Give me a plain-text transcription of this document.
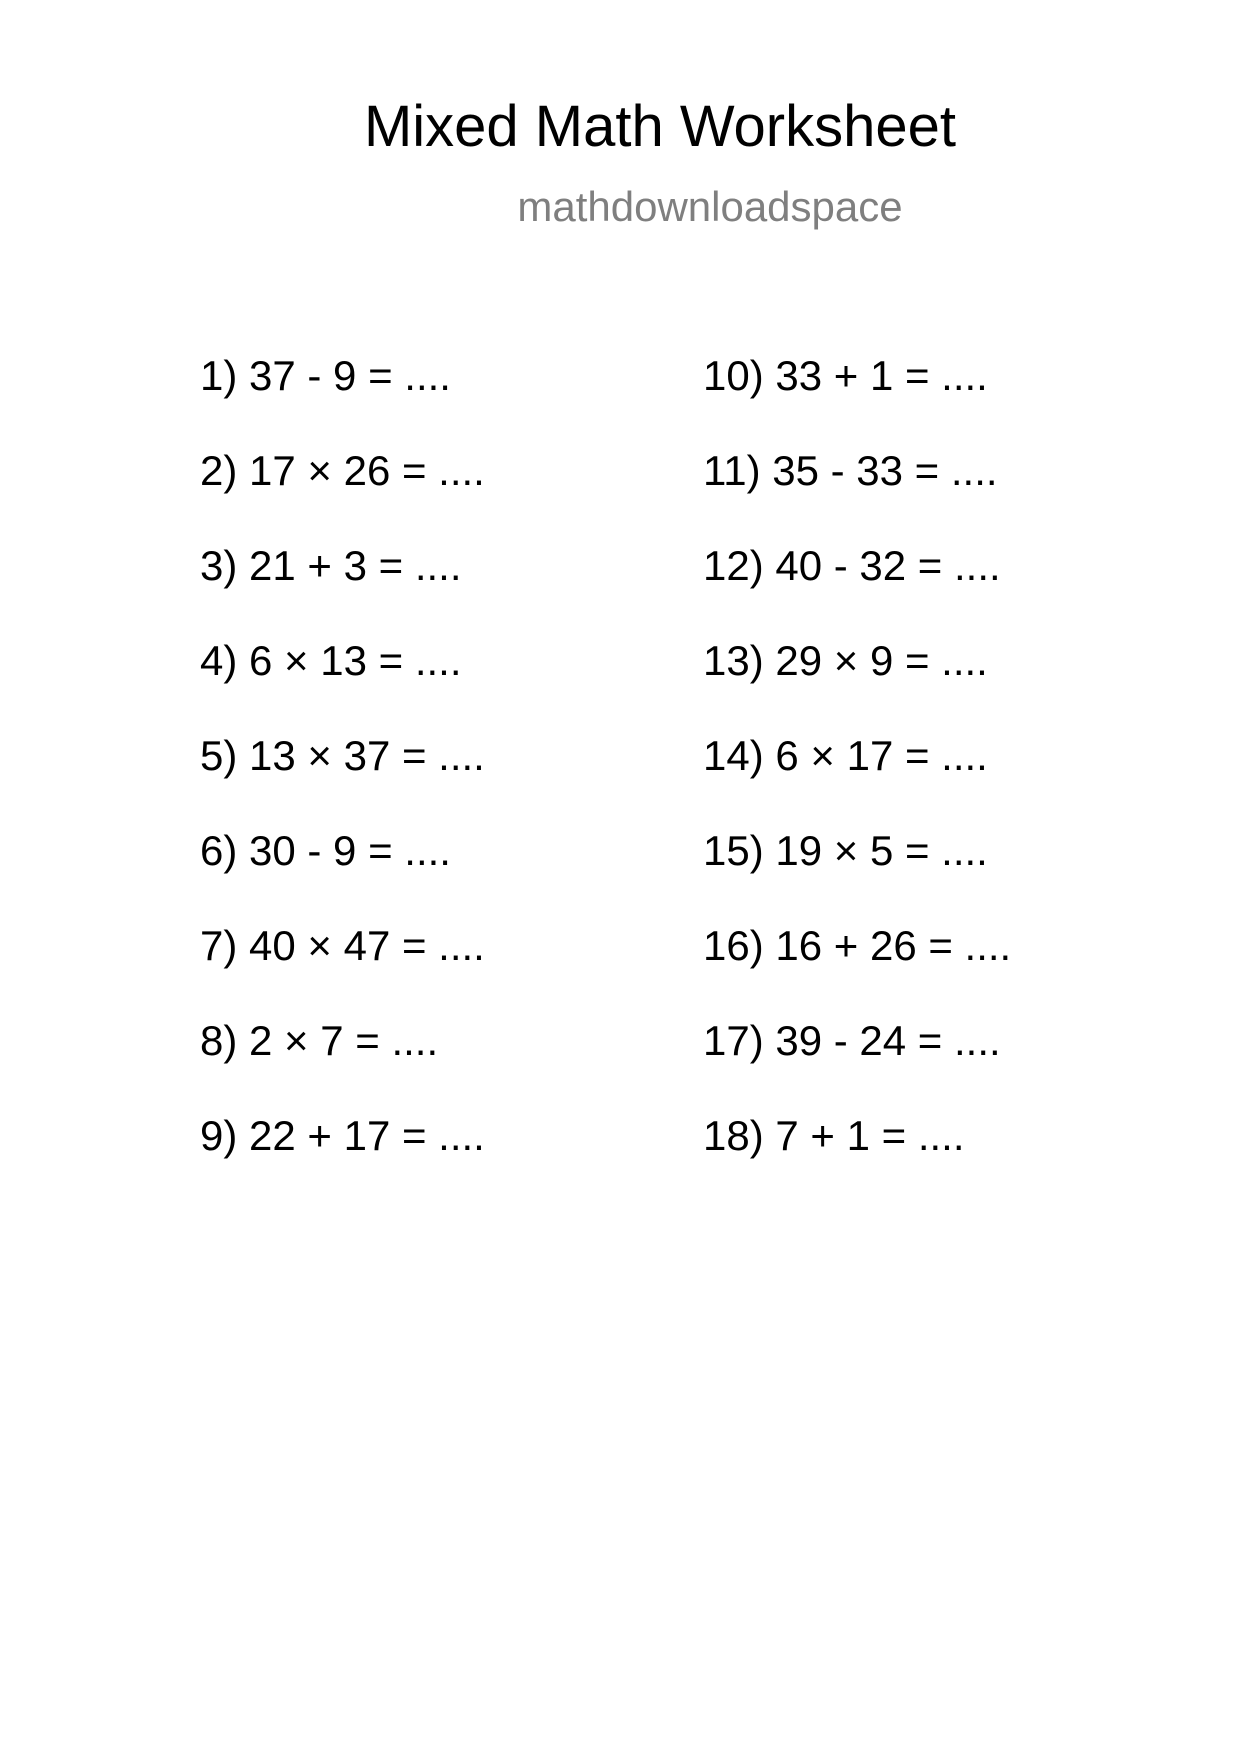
Mixed Math Worksheet
mathdownloadspace
1) 37 - 9 = ....
2) 17 × 26 = ....
3) 21 + 3 = ....
4) 6 × 13 = ....
5) 13 × 37 = ....
6) 30 - 9 = ....
7) 40 × 47 = ....
8) 2 × 7 = ....
9) 22 + 17 = ....
10) 33 + 1 = ....
11) 35 - 33 = ....
12) 40 - 32 = ....
13) 29 × 9 = ....
14) 6 × 17 = ....
15) 19 × 5 = ....
16) 16 + 26 = ....
17) 39 - 24 = ....
18) 7 + 1 = ....
